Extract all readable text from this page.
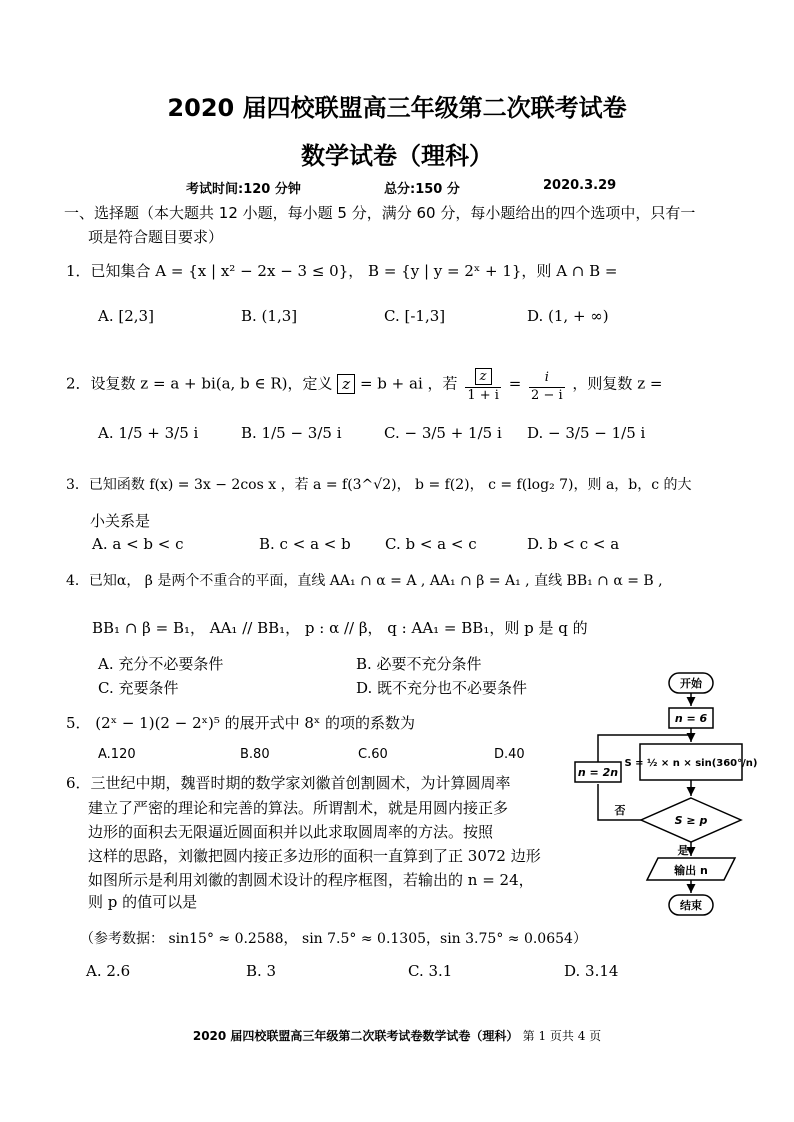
2020 届四校联盟高三年级第二次联考试卷
数学试卷（理科）
考试时间:120 分钟	总分:150 分	2020.3.29
一、选择题（本大题共 12 小题，每小题 5 分，满分 60 分，每小题给出的四个选项中，只有一
项是符合题目要求）
1．已知集合 A = {x | x² − 2x − 3 ≤ 0}， B = {y | y = 2ˣ + 1}，则 A ∩ B =
A. [2,3]	B. (1,3]	C. [-1,3]	D. (1, + ∞)
2．设复数 z = a + bi(a, b ∈ R)，定义 z = b + ai ，若 $\frac{z}{1 + i} = \frac{i}{2 - i}$ ，则复数 z =
A. 1/5 + 3/5 i	B. 1/5 − 3/5 i	C. − 3/5 + 1/5 i D. − 3/5 − 1/5 i
3．已知函数 f(x) = 3x − 2cos x ，若 a = f(3^√2)， b = f(2)， c = f(log₂ 7)，则 a，b，c 的大
小关系是
A. a < b < c	B. c < a < b C. b < a < c	D. b < c < a
4．已知α， β 是两个不重合的平面，直线 AA₁ ∩ α = A , AA₁ ∩ β = A₁ , 直线 BB₁ ∩ α = B ,
BB₁ ∩ β = B₁， AA₁ // BB₁， p : α // β， q : AA₁ = BB₁，则 p 是 q 的
A. 充分不必要条件	B. 必要不充分条件
C. 充要条件	D. 既不充分也不必要条件
5． (2ˣ − 1)(2 − 2ˣ)⁵ 的展开式中 8ˣ 的项的系数为
A.120	B.80	C.60	D.40
6．三世纪中期，魏晋时期的数学家刘徽首创割圆术，为计算圆周率
建立了严密的理论和完善的算法。所谓割术，就是用圆内接正多
边形的面积去无限逼近圆面积并以此求取圆周率的方法。按照
这样的思路，刘徽把圆内接正多边形的面积一直算到了正 3072 边形
如图所示是利用刘徽的割圆术设计的程序框图，若输出的 n = 24，
则 p 的值可以是
（参考数据： sin15° ≈ 0.2588， sin 7.5° ≈ 0.1305，sin 3.75° ≈ 0.0654）
A. 2.6	B. 3	C. 3.1	D. 3.14
开始
n = 6
S = ½ × n × sin(360°/n)
S ≥ p
n = 2n
否
是
输出 n
结束
2020 届四校联盟高三年级第二次联考试卷数学试卷（理科） 第 1 页共 4 页
